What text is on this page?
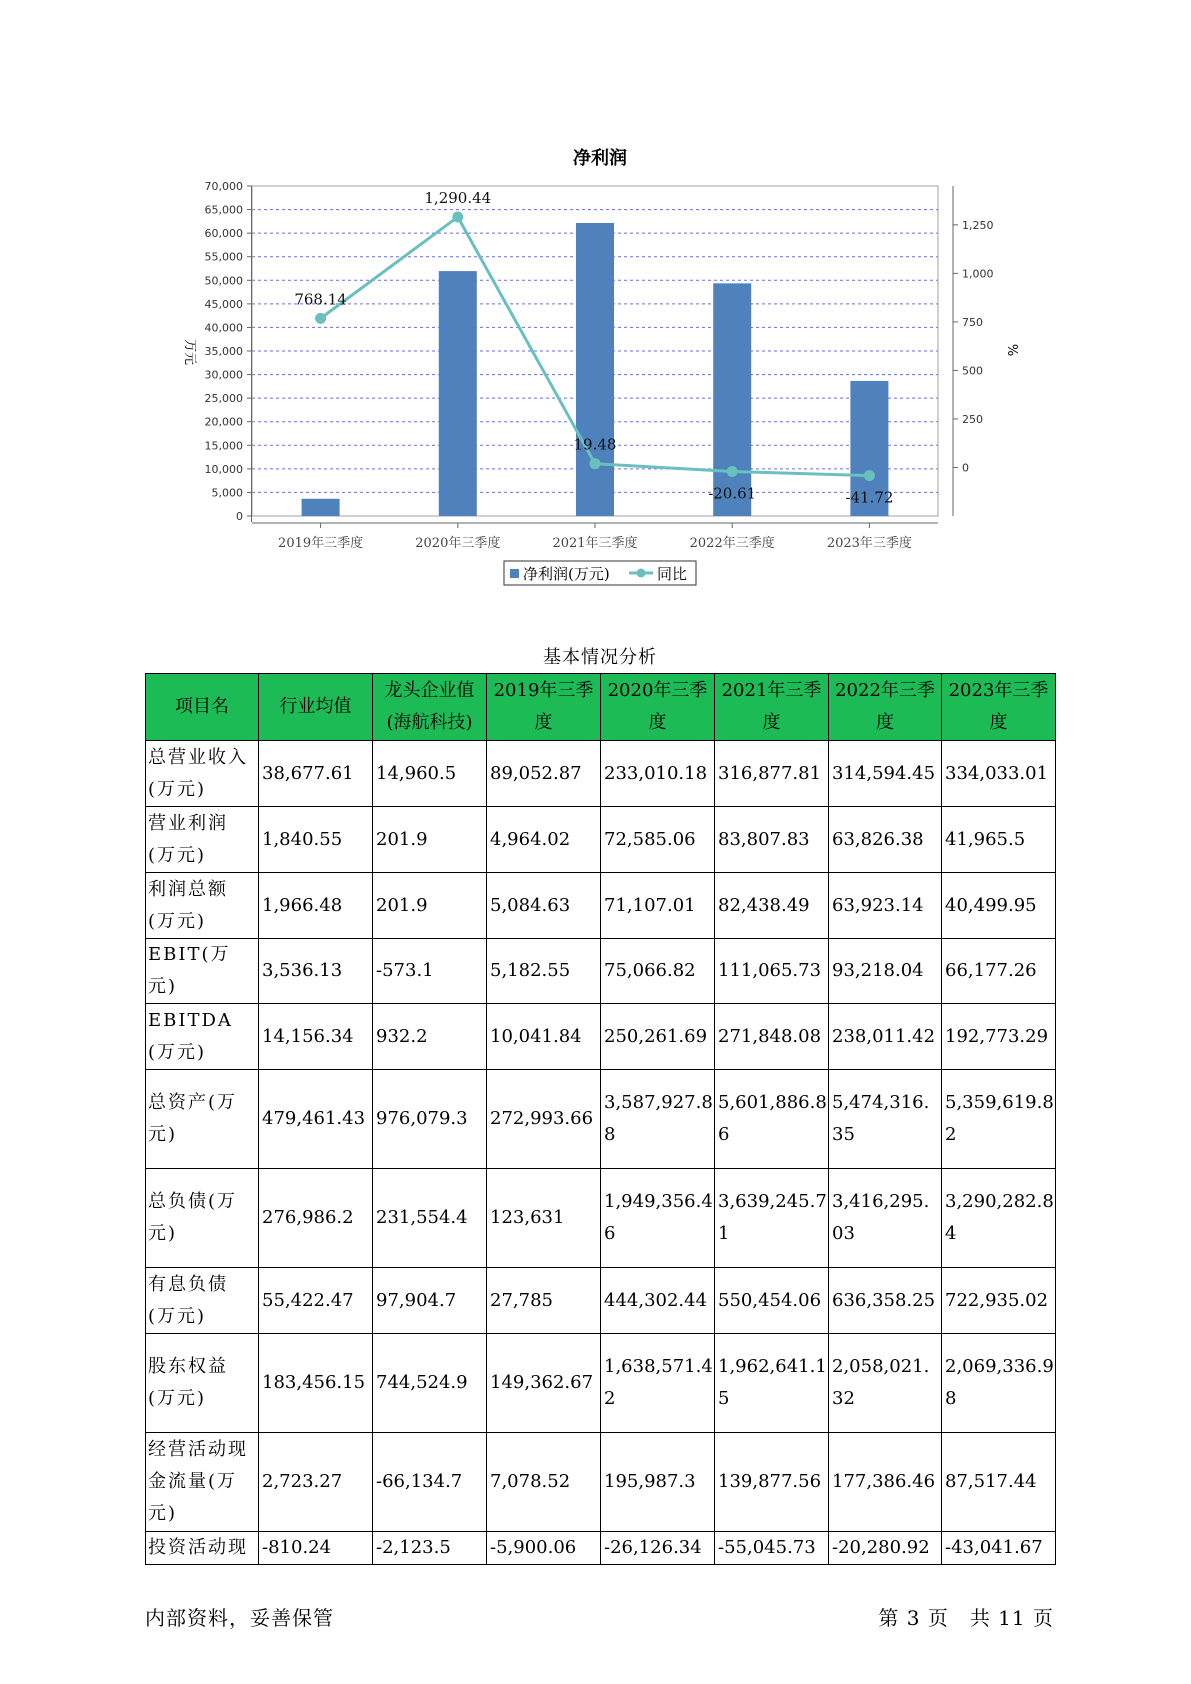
净利润
0
5,000
10,000
15,000
20,000
25,000
30,000
35,000
40,000
45,000
50,000
55,000
60,000
65,000
70,000
0
250
500
750
1,000
1,250
768.14
1,290.44
19.48
-20.61	-41.72
2019年三季度	2020年三季度	2021年三季度	2022年三季度	2023年三季度
万元	%
净利润(万元)	同比
基本情况分析
项目名	行业均值	龙头企业值(海航科技)	2019年三季度	2020年三季度	2021年三季度	2022年三季度	2023年三季度
总营业收入(万元)	38,677.61	14,960.5	89,052.87	233,010.18	316,877.81	314,594.45	334,033.01
营业利润(万元)	1,840.55	201.9	4,964.02	72,585.06	83,807.83	63,826.38	41,965.5
利润总额(万元)	1,966.48	201.9	5,084.63	71,107.01	82,438.49	63,923.14	40,499.95
EBIT(万元)	3,536.13	-573.1	5,182.55	75,066.82	111,065.73	93,218.04	66,177.26
EBITDA(万元)	14,156.34	932.2	10,041.84	250,261.69	271,848.08	238,011.42	192,773.29
总资产(万元)	479,461.43	976,079.3	272,993.66	3,587,927.88	5,601,886.86	5,474,316.35	5,359,619.82
总负债(万元)	276,986.2	231,554.4	123,631	1,949,356.46	3,639,245.71	3,416,295.03	3,290,282.84
有息负债(万元)	55,422.47	97,904.7	27,785	444,302.44	550,454.06	636,358.25	722,935.02
股东权益(万元)	183,456.15	744,524.9	149,362.67	1,638,571.42	1,962,641.15	2,058,021.32	2,069,336.98
经营活动现金流量(万元)	2,723.27	-66,134.7	7,078.52	195,987.3	139,877.56	177,386.46	87,517.44
投资活动现	-810.24	-2,123.5	-5,900.06	-26,126.34	-55,045.73	-20,280.92	-43,041.67
内部资料，妥善保管	第 3 页　共 11 页
